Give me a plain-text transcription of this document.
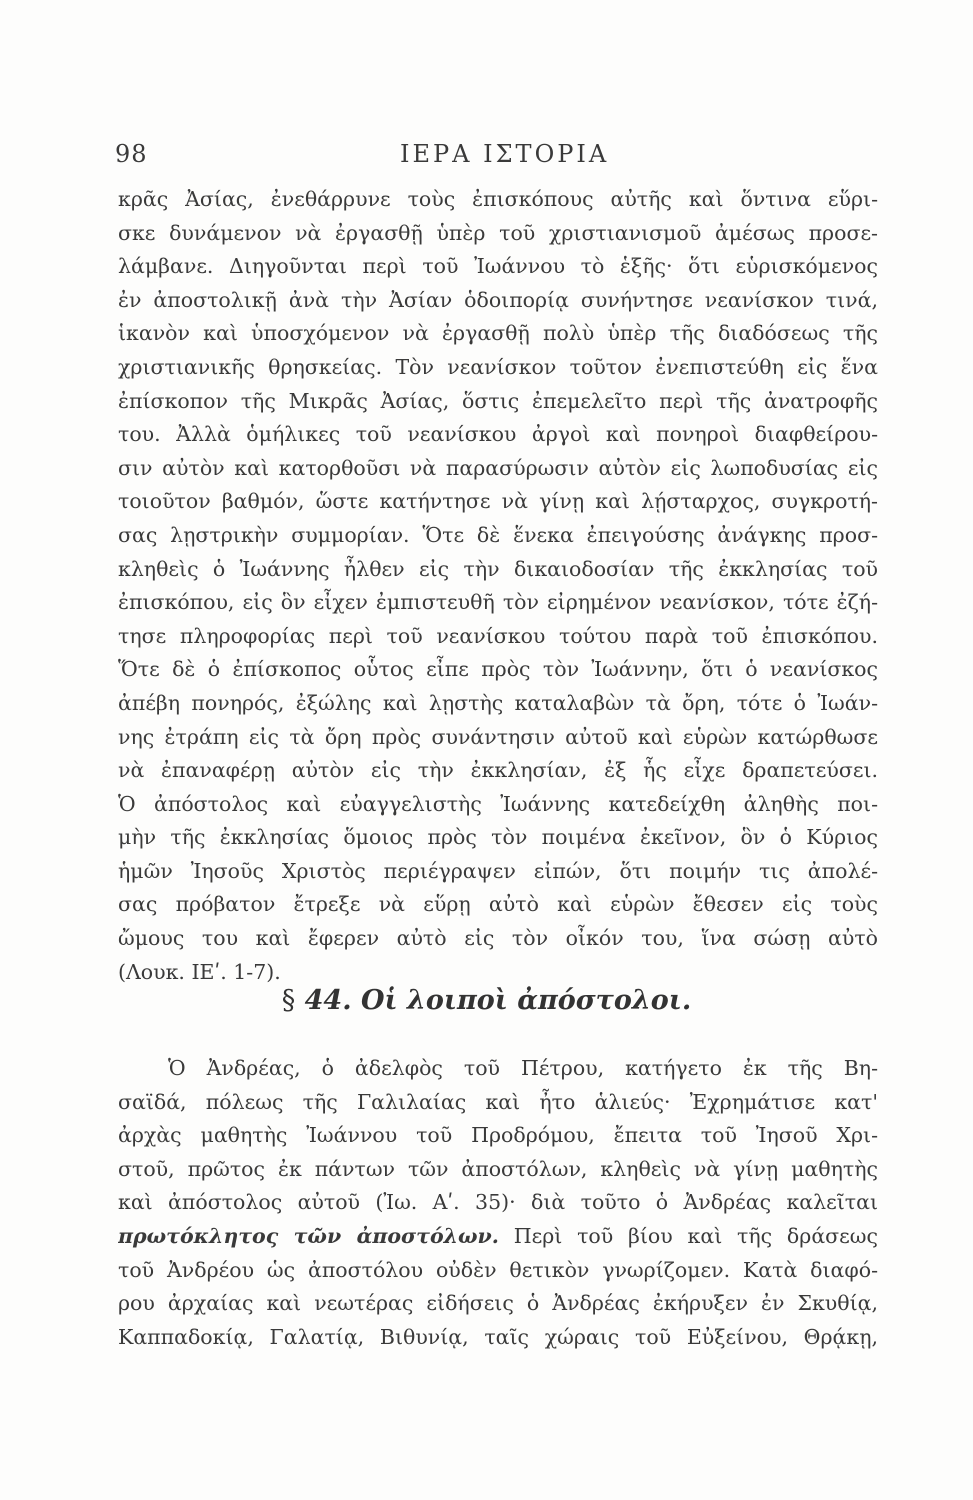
98	ΙΕΡΑ ΙΣΤΟΡΙΑ
κρᾶς Ἀσίας, ἐνεθάρρυνε τοὺς ἐπισκόπους αὐτῆς καὶ ὅντινα εὕρι-
σκε δυνάμενον νὰ ἐργασθῇ ὑπὲρ τοῦ χριστιανισμοῦ ἀμέσως προσε-
λάμβανε. Διηγοῦνται περὶ τοῦ Ἰωάννου τὸ ἑξῆς· ὅτι εὑρισκόμενος
ἐν ἀποστολικῇ ἀνὰ τὴν Ἀσίαν ὁδοιπορίᾳ συνήντησε νεανίσκον τινά,
ἱκανὸν καὶ ὑποσχόμενον νὰ ἐργασθῇ πολὺ ὑπὲρ τῆς διαδόσεως τῆς
χριστιανικῆς θρησκείας. Τὸν νεανίσκον τοῦτον ἐνεπιστεύθη εἰς ἕνα
ἐπίσκοπον τῆς Μικρᾶς Ἀσίας, ὅστις ἐπεμελεῖτο περὶ τῆς ἀνατροφῆς
του. Ἀλλὰ ὁμήλικες τοῦ νεανίσκου ἀργοὶ καὶ πονηροὶ διαφθείρου-
σιν αὐτὸν καὶ κατορθοῦσι νὰ παρασύρωσιν αὐτὸν εἰς λωποδυσίας εἰς
τοιοῦτον βαθμόν, ὥστε κατήντησε νὰ γίνῃ καὶ λῄσταρχος, συγκροτή-
σας λῃστρικὴν συμμορίαν. Ὅτε δὲ ἕνεκα ἐπειγούσης ἀνάγκης προσ-
κληθεὶς ὁ Ἰωάννης ἦλθεν εἰς τὴν δικαιοδοσίαν τῆς ἐκκλησίας τοῦ
ἐπισκόπου, εἰς ὃν εἶχεν ἐμπιστευθῆ τὸν εἰρημένον νεανίσκον, τότε ἐζή-
τησε πληροφορίας περὶ τοῦ νεανίσκου τούτου παρὰ τοῦ ἐπισκόπου.
Ὅτε δὲ ὁ ἐπίσκοπος οὗτος εἶπε πρὸς τὸν Ἰωάννην, ὅτι ὁ νεανίσκος
ἀπέβη πονηρός, ἐξώλης καὶ λῃστὴς καταλαβὼν τὰ ὄρη, τότε ὁ Ἰωάν-
νης ἐτράπη εἰς τὰ ὄρη πρὸς συνάντησιν αὐτοῦ καὶ εὑρὼν κατώρθωσε
νὰ ἐπαναφέρῃ αὐτὸν εἰς τὴν ἐκκλησίαν, ἐξ ἧς εἶχε δραπετεύσει.
Ὁ ἀπόστολος καὶ εὐαγγελιστὴς Ἰωάννης κατεδείχθη ἀληθὴς ποι-
μὴν τῆς ἐκκλησίας ὅμοιος πρὸς τὸν ποιμένα ἐκεῖνον, ὃν ὁ Κύριος
ἡμῶν Ἰησοῦς Χριστὸς περιέγραψεν εἰπών, ὅτι ποιμήν τις ἀπολέ-
σας πρόβατον ἔτρεξε νὰ εὕρῃ αὐτὸ καὶ εὑρὼν ἔθεσεν εἰς τοὺς
ὤμους του καὶ ἔφερεν αὐτὸ εἰς τὸν οἶκόν του, ἵνα σώσῃ αὐτὸ
(Λουκ. ΙΕʹ. 1-7).
§ 44. Οἱ λοιποὶ ἀπόστολοι.
Ὁ Ἀνδρέας, ὁ ἀδελφὸς τοῦ Πέτρου, κατήγετο ἐκ τῆς Βη-
σαϊδά, πόλεως τῆς Γαλιλαίας καὶ ἦτο ἁλιεύς· Ἐχρημάτισε κατ'
ἀρχὰς μαθητὴς Ἰωάννου τοῦ Προδρόμου, ἔπειτα τοῦ Ἰησοῦ Χρι-
στοῦ, πρῶτος ἐκ πάντων τῶν ἀποστόλων, κληθεὶς νὰ γίνῃ μαθητὴς
καὶ ἀπόστολος αὐτοῦ (Ἰω. Αʹ. 35)· διὰ τοῦτο ὁ Ἀνδρέας καλεῖται
πρωτόκλητος τῶν ἀποστόλων. Περὶ τοῦ βίου καὶ τῆς δράσεως
τοῦ Ἀνδρέου ὡς ἀποστόλου οὐδὲν θετικὸν γνωρίζομεν. Κατὰ διαφό-
ρου ἀρχαίας καὶ νεωτέρας εἰδήσεις ὁ Ἀνδρέας ἐκήρυξεν ἐν Σκυθίᾳ,
Καππαδοκίᾳ, Γαλατίᾳ, Βιθυνίᾳ, ταῖς χώραις τοῦ Εὐξείνου, Θρᾴκῃ,
